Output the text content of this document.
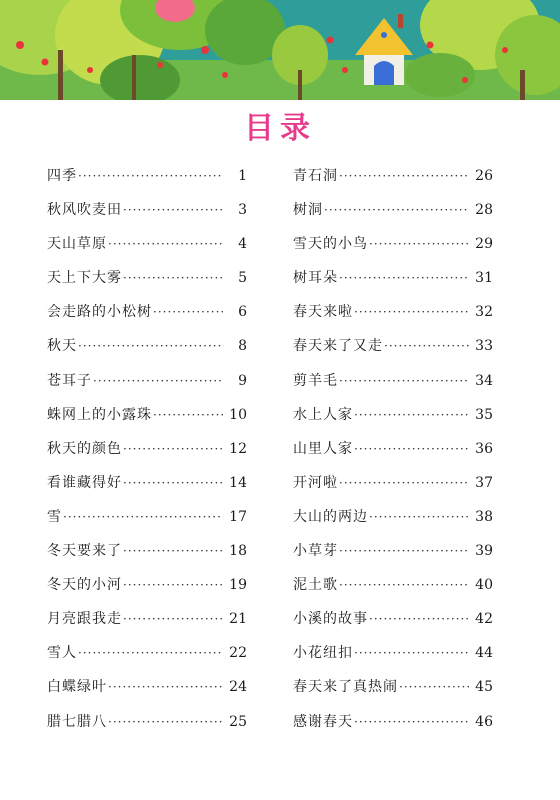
目录
四季 ·····	1
秋风吹麦田 ·····	3
天山草原 ·····	4
天上下大雾 ·····	5
会走路的小松树 ·····	6
秋天 ·····	8
苍耳子 ·····	9
蛛网上的小露珠 ·····	10
秋天的颜色 ·····	12
看谁藏得好 ·····	14
雪 ·····	17
冬天要来了 ·····	18
冬天的小河 ·····	19
月亮跟我走 ·····	21
雪人 ·····	22
白蝶绿叶 ·····	24
腊七腊八 ·····	25
青石洞 ·····	26
树洞 ·····	28
雪天的小鸟 ·····	29
树耳朵 ·····	31
春天来啦 ·····	32
春天来了又走 ·····	33
剪羊毛 ·····	34
水上人家 ·····	35
山里人家 ·····	36
开河啦 ·····	37
大山的两边 ·····	38
小草芽 ·····	39
泥土歌 ·····	40
小溪的故事 ·····	42
小花纽扣 ·····	44
春天来了真热闹 ·····	45
感谢春天 ·····	46
